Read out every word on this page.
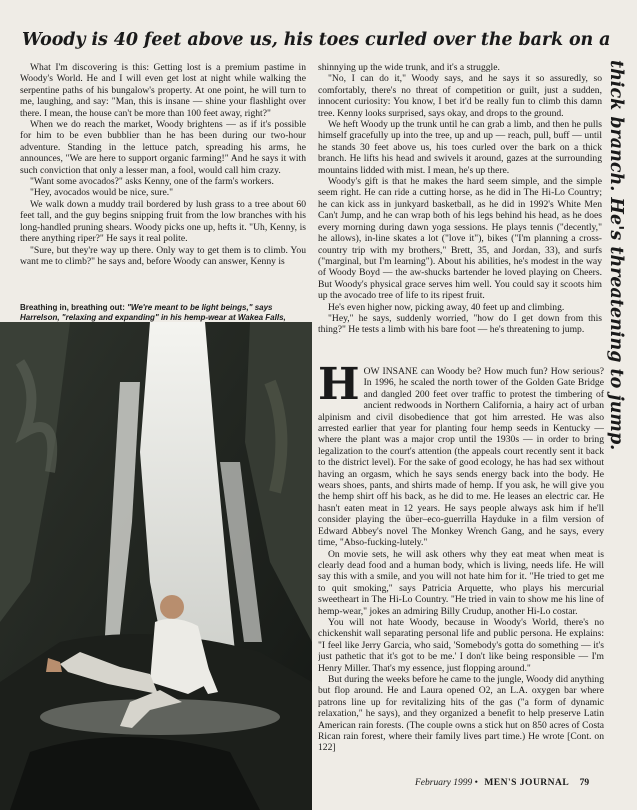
Woody is 40 feet above us, his toes curled over the bark on a
thick branch. He's threatening to jump.

What I'm discovering is this: Getting lost is a premium pastime in Woody's World. He and I will even get lost at night while walking the serpentine paths of his bungalow's property. At one point, he will turn to me, laughing, and say: "Man, this is insane — shine your flashlight over there. I mean, the house can't be more than 100 feet away, right?"

When we do reach the market, Woody brightens — as if it's possible for him to be even bubblier than he has been during our two-hour adventure. Standing in the lettuce patch, spreading his arms, he announces, "We are here to support organic farming!" And he says it with such conviction that only a lesser man, a fool, would call him crazy.

"Want some avocados?" asks Kenny, one of the farm's workers.

"Hey, avocados would be nice, sure."

We walk down a muddy trail bordered by lush grass to a tree about 60 feet tall, and the guy begins snipping fruit from the low branches with his long-handled pruning shears. Woody picks one up, hefts it. "Uh, Kenny, is there anything riper?" He says it real polite.

"Sure, but they're way up there. Only way to get them is to climb. You want me to climb?" he says and, before Woody can answer, Kenny is

Breathing in, breathing out: "We're meant to be light beings," says Harrelson, "relaxing and expanding" in his hemp-wear at Wakea Falls,

shinnying up the wide trunk, and it's a struggle.

"No, I can do it," Woody says, and he says it so assuredly, so comfortably, there's no threat of competition or guilt, just a sudden, innocent curiosity: You know, I bet it'd be really fun to climb this damn tree. Kenny looks surprised, says okay, and drops to the ground.

We heft Woody up the trunk until he can grab a limb, and then he pulls himself gracefully up into the tree, up and up — reach, pull, buff — until he stands 30 feet above us, his toes curled over the bark on a thick branch. He lifts his head and swivels it around, gazes at the surrounding mountains lidded with mist. I mean, he's up there.

Woody's gift is that he makes the hard seem simple, and the simple seem right. He can ride a cutting horse, as he did in The Hi-Lo Country; he can kick ass in junkyard basketball, as he did in 1992's White Men Can't Jump, and he can wrap both of his legs behind his head, as he does every morning during dawn yoga sessions. He plays tennis ("decently," he allows), in-line skates a lot ("love it"), bikes ("I'm planning a cross-country trip with my brothers," Brett, 35, and Jordan, 33), and surfs ("marginal, but I'm learning"). About his abilities, he's modest in the way of Woody Boyd — the aw-shucks bartender he loved playing on Cheers. But Woody's physical grace serves him well. You could say it scoots him up the avocado tree of life to its ripest fruit.

He's even higher now, picking away, 40 feet up and climbing.

"Hey," he says, suddenly worried, "how do I get down from this thing?" He tests a limb with his bare foot — he's threatening to jump.

HOW INSANE can Woody be? How much fun? How serious? In 1996, he scaled the north tower of the Golden Gate Bridge and dangled 200 feet over traffic to protest the timbering of ancient redwoods in Northern California, a hairy act of urban alpinism and civil disobedience that got him arrested. He was also arrested earlier that year for planting four hemp seeds in Kentucky — where the plant was a major crop until the 1930s — in order to bring legalization to the court's attention (the appeals court recently sent it back to the district level). For the sake of good ecology, he has had sex without having an orgasm, which he says sends energy back into the body. He wears shoes, pants, and shirts made of hemp. If you ask, he will give you the hemp shirt off his back, as he did to me. He leases an electric car. He hasn't eaten meat in 12 years. He says people always ask him if he'll consider playing the über–eco-guerrilla Hayduke in a film version of Edward Abbey's novel The Monkey Wrench Gang, and he says, every time, "Abso-fucking-lutely."

On movie sets, he will ask others why they eat meat when meat is clearly dead food and a human body, which is living, needs life. He will say this with a smile, and you will not hate him for it. "He tried to get me to quit smoking," says Patricia Arquette, who plays his mercurial sweetheart in The Hi-Lo Country. "He tried in vain to show me his line of hemp-wear," jokes an admiring Billy Crudup, another Hi-Lo costar.

You will not hate Woody, because in Woody's World, there's no chickenshit wall separating personal life and public persona. He explains: "I feel like Jerry Garcia, who said, 'Somebody's gotta do something — it's just pathetic that it's got to be me.' I don't like being responsible — I'm Henry Miller. That's my essence, just flopping around."

But during the weeks before he came to the jungle, Woody did anything but flop around. He and Laura opened O2, an L.A. oxygen bar where patrons line up for revitalizing hits of the gas ("a form of dynamic relaxation," he says), and they organized a benefit to help preserve Latin American rain forests. (The couple owns a stick hut on 850 acres of Costa Rican rain forest, where their family lives part time.) He wrote [Cont. on 122]

February 1999 • MEN'S JOURNAL 79
